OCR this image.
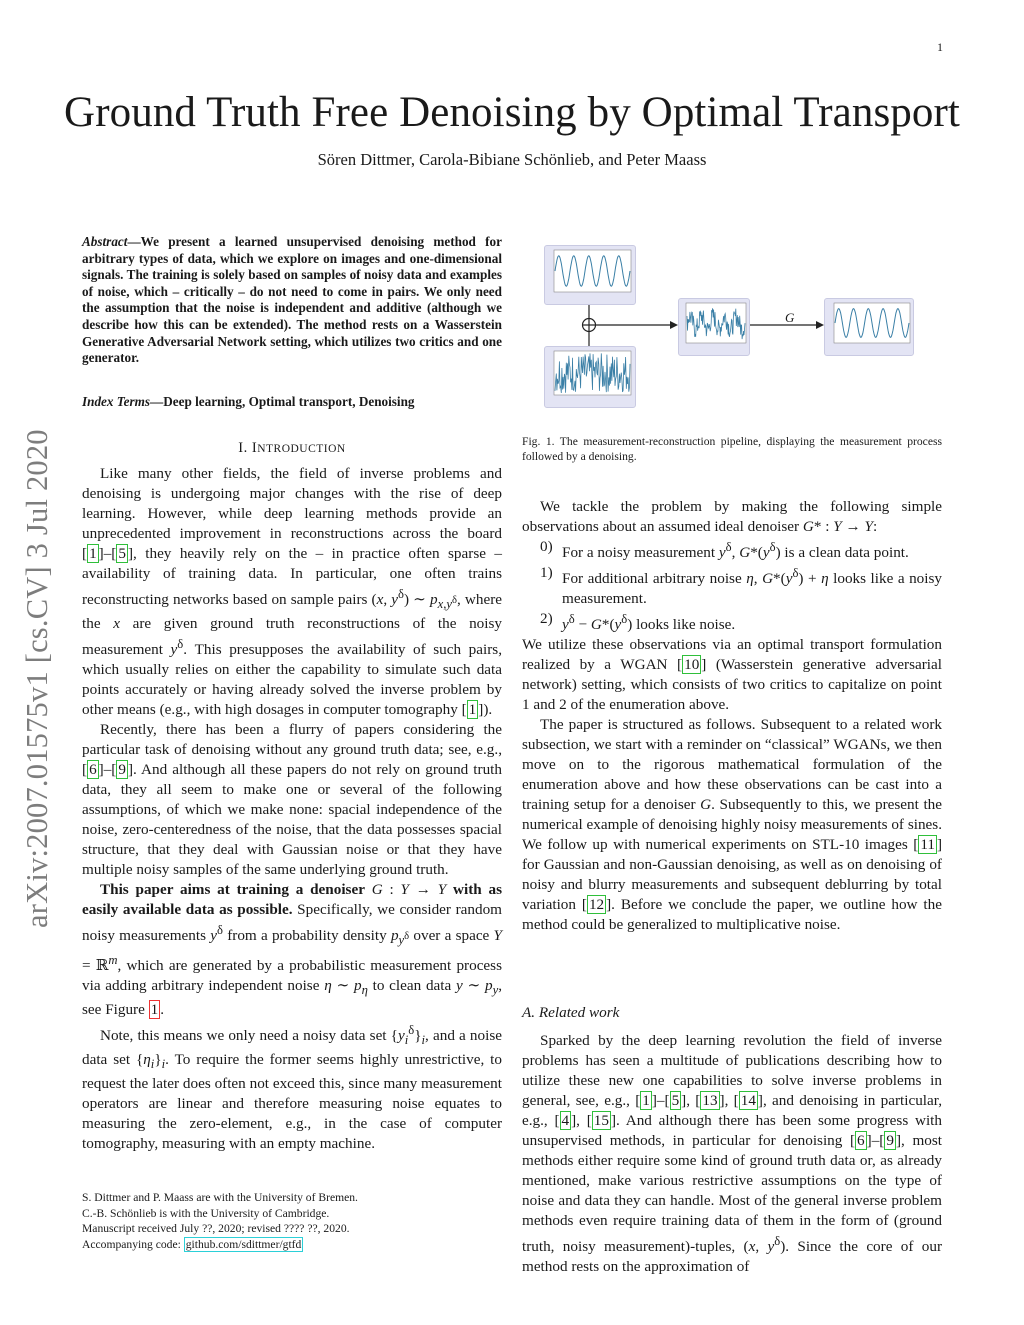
1
Ground Truth Free Denoising by Optimal Transport
Sören Dittmer, Carola-Bibiane Schönlieb, and Peter Maass
arXiv:2007.01575v1 [cs.CV] 3 Jul 2020
Abstract—We present a learned unsupervised denoising method for arbitrary types of data, which we explore on images and one-dimensional signals. The training is solely based on samples of noisy data and examples of noise, which – critically – do not need to come in pairs. We only need the assumption that the noise is independent and additive (although we describe how this can be extended). The method rests on a Wasserstein Generative Adversarial Network setting, which utilizes two critics and one generator.
Index Terms—Deep learning, Optimal transport, Denoising
I. INTRODUCTION

Like many other fields, the field of inverse problems and denoising is undergoing major changes with the rise of deep learning. However, while deep learning methods provide an unprecedented improvement in reconstructions across the board [ 1 ]–[ 5 ], they heavily rely on the – in practice often sparse – availability of training data. In particular, one often trains reconstructing networks based on sample pairs (x, $y^\delta$) ∼ $p_{x,y^\delta}$, where the x are given ground truth reconstructions of the noisy measurement $y^\delta$. This presupposes the availability of such pairs, which usually relies on either the capability to simulate such data points accurately or having already solved the inverse problem by other means (e.g., with high dosages in computer tomography [ 1 ]).

Recently, there has been a flurry of papers considering the particular task of denoising without any ground truth data; see, e.g., [ 6 ]–[ 9 ]. And although all these papers do not rely on ground truth data, they all seem to make one or several of the following assumptions, of which we make none: spacial independence of the noise, zero-centeredness of the noise, that the data possesses spacial structure, that they deal with Gaussian noise or that they have multiple noisy samples of the same underlying ground truth.

This paper aims at training a denoiser G : Y → Y with as easily available data as possible. Specifically, we consider random noisy measurements $y^\delta$ from a probability density $p_{y^\delta}$ over a space Y = ℝ$^m$, which are generated by a probabilistic measurement process via adding arbitrary independent noise η ∼ $p_\eta$ to clean data y ∼ $p_y$, see Figure 1 .

Note, this means we only need a noisy data set $\{y_i^\delta\}_i$, and a noise data set $\{\eta_i\}_i$. To require the former seems highly unrestrictive, to request the later does often not exceed this, since many measurement operators are linear and therefore measuring noise equates to measuring the zero-element, e.g., in the case of computer tomography, measuring with an empty machine.

S. Dittmer and P. Maass are with the University of Bremen.
C.-B. Schönlieb is with the University of Cambridge.
Manuscript received July ??, 2020; revised ???? ??, 2020.
Accompanying code: github.com/sdittmer/gtfd
G
Fig. 1. The measurement-reconstruction pipeline, displaying the measurement process followed by a denoising.

We tackle the problem by making the following simple observations about an assumed ideal denoiser G* : Y → Y:

0) For a noisy measurement $y^\delta$, $G*(y^\delta)$ is a clean data point.
1) For additional arbitrary noise η, $G*(y^\delta) + \eta$ looks like a noisy measurement.
2) $y^\delta - G*(y^\delta)$ looks like noise.

We utilize these observations via an optimal transport formulation realized by a WGAN [ 10 ] (Wasserstein generative adversarial network) setting, which consists of two critics to capitalize on point 1 and 2 of the enumeration above.

The paper is structured as follows. Subsequent to a related work subsection, we start with a reminder on “classical” WGANs, we then move on to the rigorous mathematical formulation of the enumeration above and how these observations can be cast into a training setup for a denoiser G. Subsequently to this, we present the numerical example of denoising highly noisy measurements of sines. We follow up with numerical experiments on STL-10 images [ 11 ] for Gaussian and non-Gaussian denoising, as well as on denoising of noisy and blurry measurements and subsequent deblurring by total variation [ 12 ]. Before we conclude the paper, we outline how the method could be generalized to multiplicative noise.

A. Related work

Sparked by the deep learning revolution the field of inverse problems has seen a multitude of publications describing how to utilize these new one capabilities to solve inverse problems in general, see, e.g., [ 1 ]–[ 5 ], [ 13 ], [ 14 ], and denoising in particular, e.g., [ 4 ], [ 15 ]. And although there has been some progress with unsupervised methods, in particular for denoising [ 6 ]–[ 9 ], most methods either require some kind of ground truth data or, as already mentioned, make various restrictive assumptions on the type of noise and data they can handle. Most of the general inverse problem methods even require training data of them in the form of (ground truth, noisy measurement)-tuples, (x, $y^\delta$). Since the core of our method rests on the approximation of
